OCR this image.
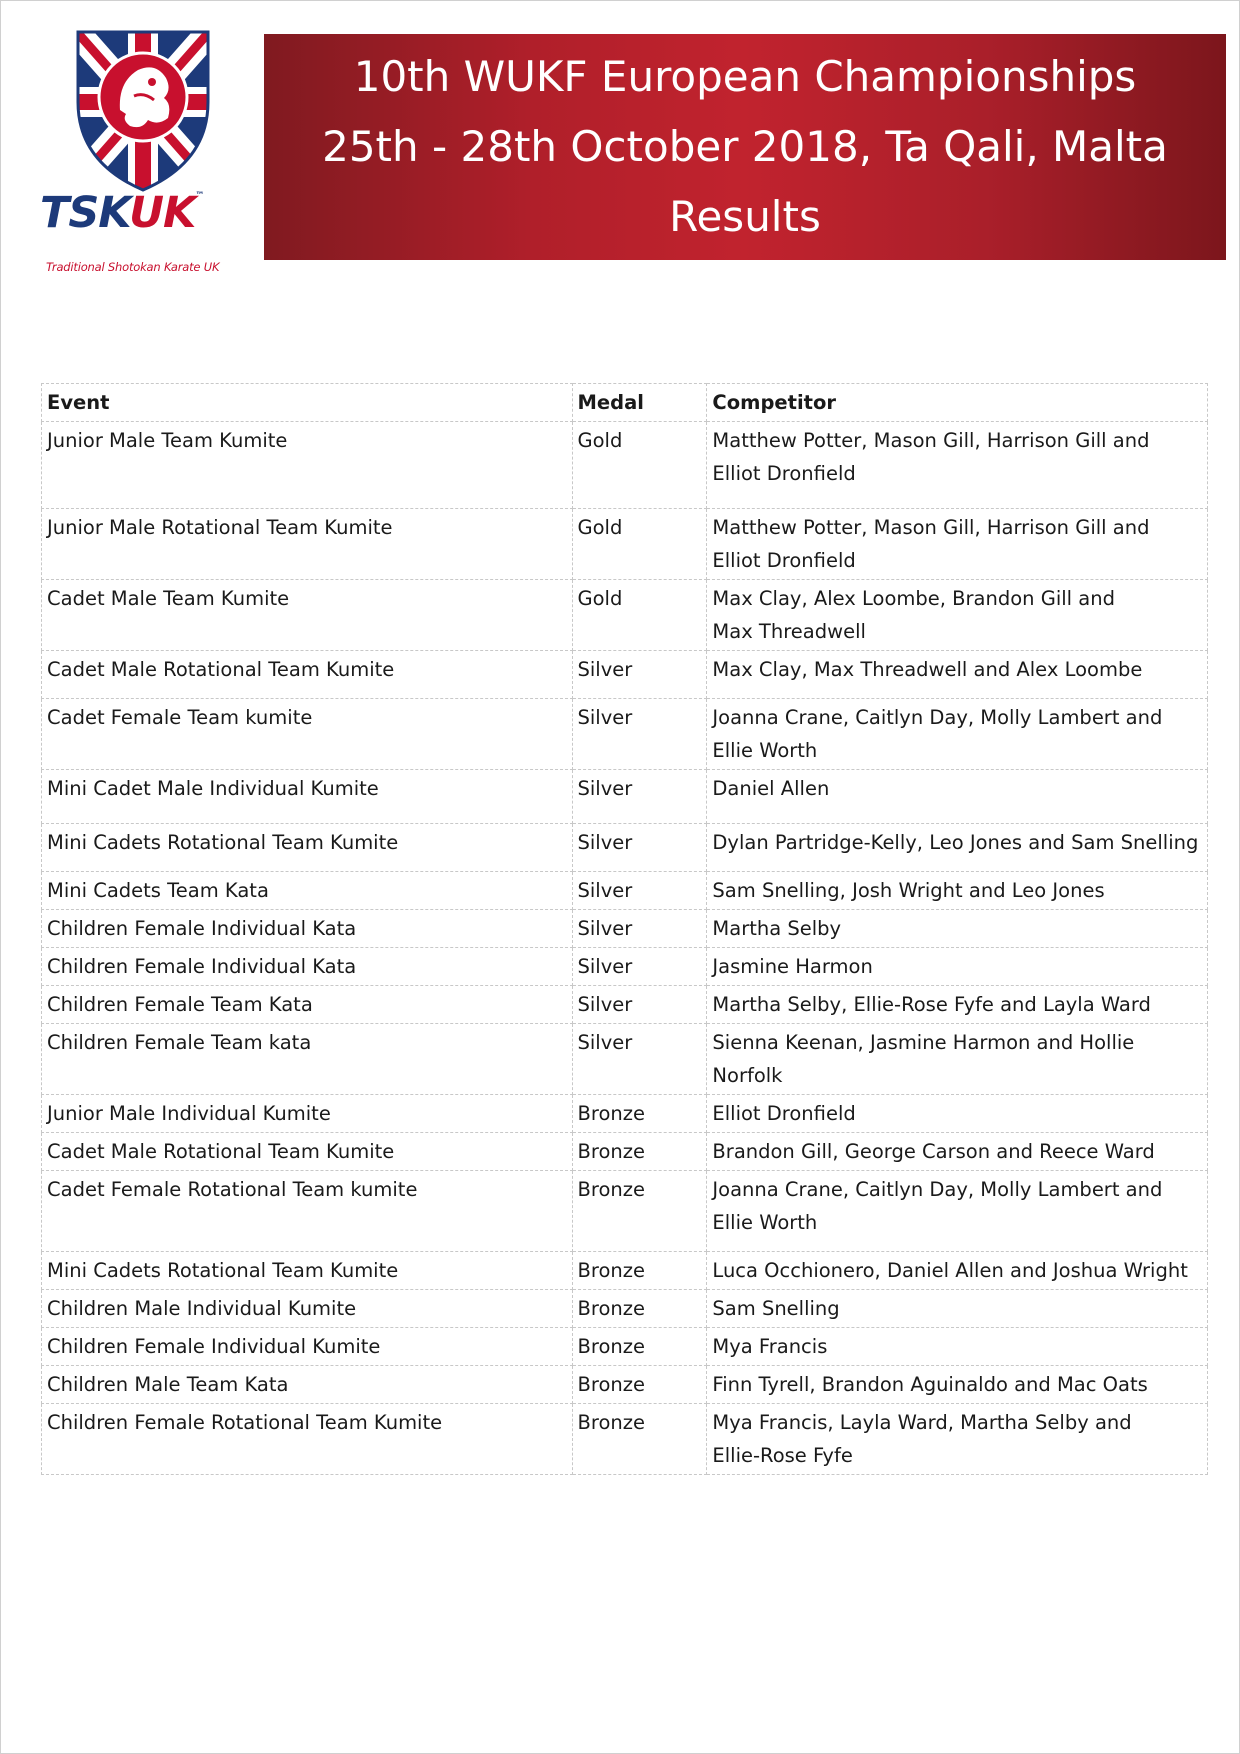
TSKUK™
Traditional Shotokan Karate UK
10th WUKF European Championships
25th - 28th October 2018, Ta Qali, Malta
Results
Event	Medal	Competitor
Junior Male Team Kumite	Gold	Matthew Potter, Mason Gill, Harrison Gill and
Elliot Dronfield

Junior Male Rotational Team Kumite	Gold	Matthew Potter, Mason Gill, Harrison Gill and
Elliot Dronfield

Cadet Male Team Kumite	Gold	Max Clay, Alex Loombe, Brandon Gill and
Max Threadwell

Cadet Male Rotational Team Kumite	Silver	Max Clay, Max Threadwell and Alex Loombe

Cadet Female Team kumite	Silver	Joanna Crane, Caitlyn Day, Molly Lambert and
Ellie Worth

Mini Cadet Male Individual Kumite	Silver	Daniel Allen

Mini Cadets Rotational Team Kumite	Silver	Dylan Partridge-Kelly, Leo Jones and Sam Snelling

Mini Cadets Team Kata	Silver	Sam Snelling, Josh Wright and Leo Jones

Children Female Individual Kata	Silver	Martha Selby

Children Female Individual Kata	Silver	Jasmine Harmon

Children Female Team Kata	Silver	Martha Selby, Ellie-Rose Fyfe and Layla Ward

Children Female Team kata	Silver	Sienna Keenan, Jasmine Harmon and Hollie Norfolk

Junior Male Individual Kumite	Bronze	Elliot Dronfield

Cadet Male Rotational Team Kumite	Bronze	Brandon Gill, George Carson and Reece Ward

Cadet Female Rotational Team kumite	Bronze	Joanna Crane, Caitlyn Day, Molly Lambert and
Ellie Worth

Mini Cadets Rotational Team Kumite	Bronze	Luca Occhionero, Daniel Allen and Joshua Wright

Children Male Individual Kumite	Bronze	Sam Snelling

Children Female Individual Kumite	Bronze	Mya Francis

Children Male Team Kata	Bronze	Finn Tyrell, Brandon Aguinaldo and Mac Oats

Children Female Rotational Team Kumite	Bronze	Mya Francis, Layla Ward, Martha Selby and
Ellie-Rose Fyfe
